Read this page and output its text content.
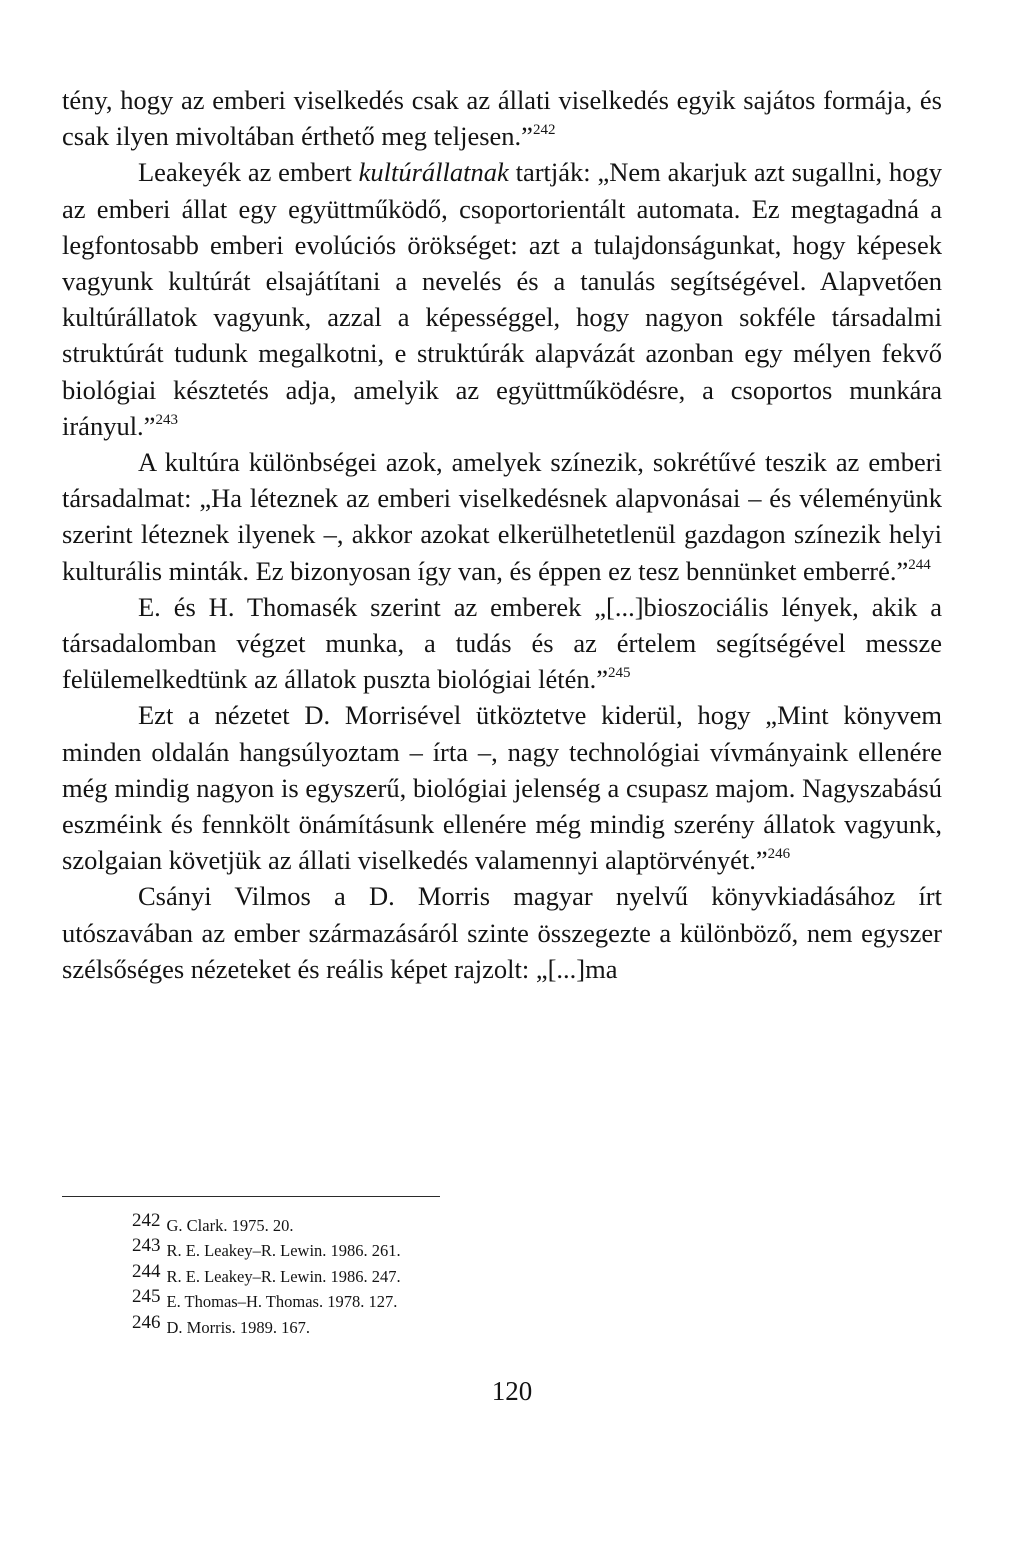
tény, hogy az emberi viselkedés csak az állati viselkedés egyik sajátos formája, és csak ilyen mivoltában érthető meg teljesen.”$^{242}$

Leakeyék az embert kultúrállatnak tartják: „Nem akarjuk azt sugallni, hogy az emberi állat egy együttműködő, csoportorientált automata. Ez megtagadná a legfontosabb emberi evolúciós örökséget: azt a tulajdonságunkat, hogy képesek vagyunk kultúrát elsajátítani a nevelés és a tanulás segítségével. Alapvetően kultúrállatok vagyunk, azzal a képességgel, hogy nagyon sokféle társadalmi struktúrát tudunk megalkotni, e struktúrák alapvázát azonban egy mélyen fekvő biológiai késztetés adja, amelyik az együttműködésre, a csoportos munkára irányul.”$^{243}$

A kultúra különbségei azok, amelyek színezik, sokrétűvé teszik az emberi társadalmat: „Ha léteznek az emberi viselkedésnek alapvonásai – és véleményünk szerint léteznek ilyenek –, akkor azokat elkerülhetetlenül gazdagon színezik helyi kulturális minták. Ez bizonyosan így van, és éppen ez tesz bennünket emberré.”$^{244}$

E. és H. Thomasék szerint az emberek „[...]bioszociális lények, akik a társadalomban végzet munka, a tudás és az értelem segítségével messze felülemelkedtünk az állatok puszta biológiai létén.”$^{245}$

Ezt a nézetet D. Morrisével ütköztetve kiderül, hogy „Mint könyvem minden oldalán hangsúlyoztam – írta –, nagy technológiai vívmányaink ellenére még mindig nagyon is egyszerű, biológiai jelenség a csupasz majom. Nagyszabású eszméink és fennkölt önámításunk ellenére még mindig szerény állatok vagyunk, szolgaian követjük az állati viselkedés valamennyi alaptörvényét.”$^{246}$

Csányi Vilmos a D. Morris magyar nyelvű könyvkiadásához írt utószavában az ember származásáról szinte összegezte a különböző, nem egyszer szélsőséges nézeteket és reális képet rajzolt: „[...]ma

242 G. Clark. 1975. 20.

243 R. E. Leakey–R. Lewin. 1986. 261.

244 R. E. Leakey–R. Lewin. 1986. 247.

245 E. Thomas–H. Thomas. 1978. 127.

246 D. Morris. 1989. 167.

120
